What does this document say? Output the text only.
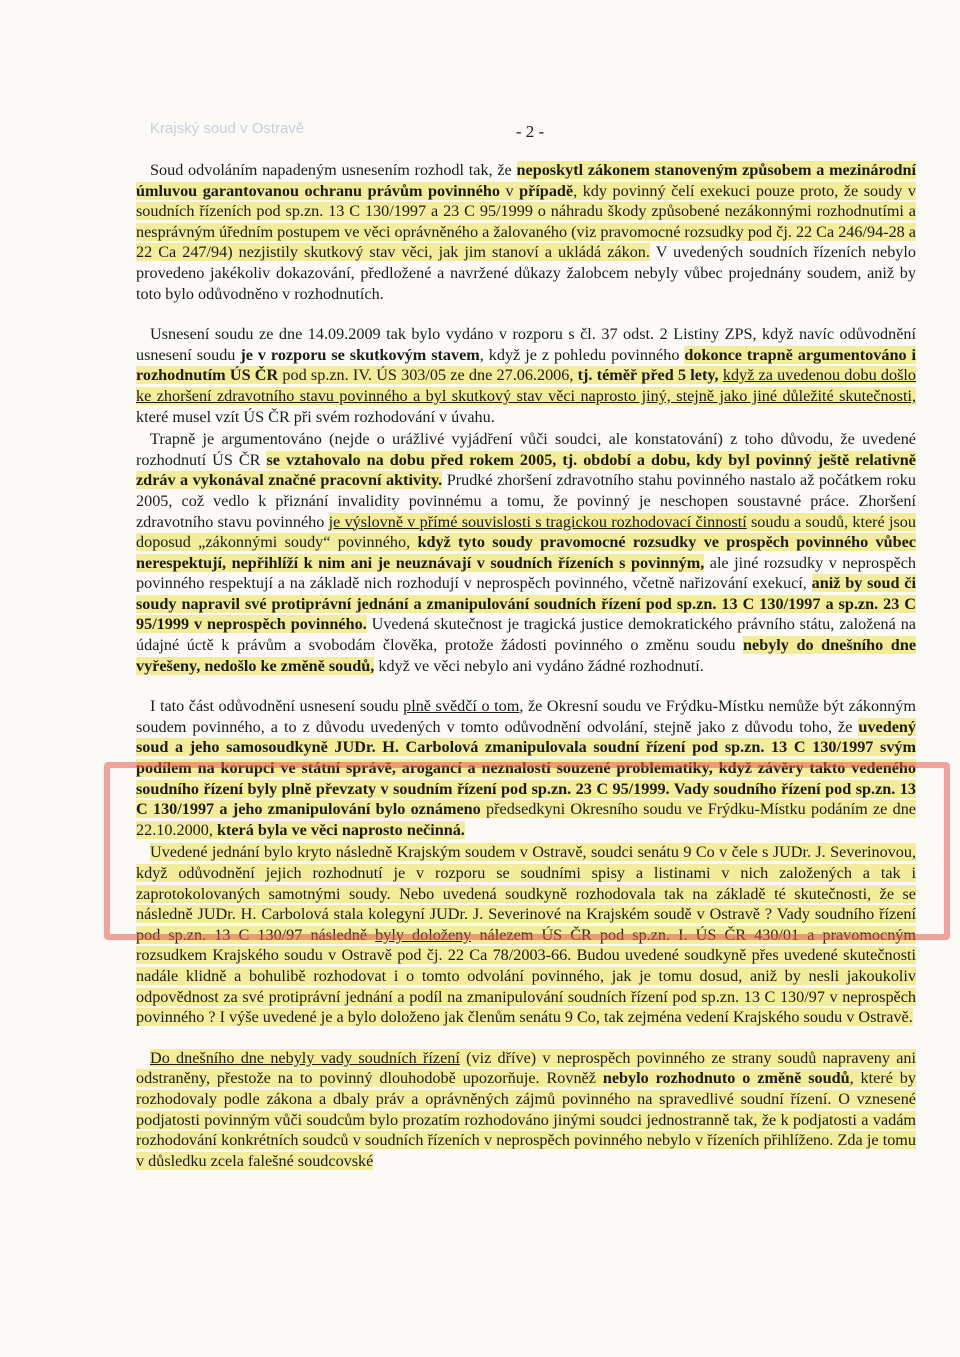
Krajský soud v Ostravě	- 2 -

Soud odvoláním napadeným usnesením rozhodl tak, že neposkytl zákonem stanoveným způsobem a mezinárodní úmluvou garantovanou ochranu právům povinného v případě, kdy povinný čelí exekuci pouze proto, že soudy v soudních řízeních pod sp.zn. 13 C 130/1997 a 23 C 95/1999 o náhradu škody způsobené nezákonnými rozhodnutími a nesprávným úředním postupem ve věci oprávněného a žalovaného (viz pravomocné rozsudky pod čj. 22 Ca 246/94-28 a 22 Ca 247/94) nezjistily skutkový stav věci, jak jim stanoví a ukládá zákon. V uvedených soudních řízeních nebylo provedeno jakékoliv dokazování, předložené a navržené důkazy žalobcem nebyly vůbec projednány soudem, aniž by toto bylo odůvodněno v rozhodnutích.

Usnesení soudu ze dne 14.09.2009 tak bylo vydáno v rozporu s čl. 37 odst. 2 Listiny ZPS, když navíc odůvodnění usnesení soudu je v rozporu se skutkovým stavem, když je z pohledu povinného dokonce trapně argumentováno i rozhodnutím ÚS ČR pod sp.zn. IV. ÚS 303/05 ze dne 27.06.2006, tj. téměř před 5 lety, když za uvedenou dobu došlo ke zhoršení zdravotního stavu povinného a byl skutkový stav věci naprosto jiný, stejně jako jiné důležité skutečnosti, které musel vzít ÚS ČR při svém rozhodování v úvahu.

Trapně je argumentováno (nejde o urážlivé vyjádření vůči soudci, ale konstatování) z toho důvodu, že uvedené rozhodnutí ÚS ČR se vztahovalo na dobu před rokem 2005, tj. období a dobu, kdy byl povinný ještě relativně zdráv a vykonával značné pracovní aktivity. Prudké zhoršení zdravotního stahu povinného nastalo až počátkem roku 2005, což vedlo k přiznání invalidity povinnému a tomu, že povinný je neschopen soustavné práce. Zhoršení zdravotního stavu povinného je výslovně v přímé souvislosti s tragickou rozhodovací činností soudu a soudů, které jsou doposud „zákonnými soudy“ povinného, když tyto soudy pravomocné rozsudky ve prospěch povinného vůbec nerespektují, nepřihlíží k nim ani je neuznávají v soudních řízeních s povinným, ale jiné rozsudky v neprospěch povinného respektují a na základě nich rozhodují v neprospěch povinného, včetně nařizování exekucí, aniž by soud či soudy napravil své protiprávní jednání a zmanipulování soudních řízení pod sp.zn. 13 C 130/1997 a sp.zn. 23 C 95/1999 v neprospěch povinného. Uvedená skutečnost je tragická justice demokratického právního státu, založená na údajné úctě k právům a svobodám člověka, protože žádosti povinného o změnu soudu nebyly do dnešního dne vyřešeny, nedošlo ke změně soudů, když ve věci nebylo ani vydáno žádné rozhodnutí.

I tato část odůvodnění usnesení soudu plně svědčí o tom, že Okresní soudu ve Frýdku-Místku nemůže být zákonným soudem povinného, a to z důvodu uvedených v tomto odůvodnění odvolání, stejně jako z důvodu toho, že uvedený soud a jeho samosoudkyně JUDr. H. Carbolová zmanipulovala soudní řízení pod sp.zn. 13 C 130/1997 svým podílem na korupci ve státní správě, arogancí a neznalostí souzené problematiky, když závěry takto vedeného soudního řízení byly plně převzaty v soudním řízení pod sp.zn. 23 C 95/1999. Vady soudního řízení pod sp.zn. 13 C 130/1997 a jeho zmanipulování bylo oznámeno předsedkyni Okresního soudu ve Frýdku-Místku podáním ze dne 22.10.2000, která byla ve věci naprosto nečinná.

Uvedené jednání bylo kryto následně Krajským soudem v Ostravě, soudci senátu 9 Co v čele s JUDr. J. Severinovou, když odůvodnění jejich rozhodnutí je v rozporu se soudními spisy a listinami v nich založených a tak i zaprotokolovaných samotnými soudy. Nebo uvedená soudkyně rozhodovala tak na základě té skutečnosti, že se následně JUDr. H. Carbolová stala kolegyní JUDr. J. Severinové na Krajském soudě v Ostravě ? Vady soudního řízení pod sp.zn. 13 C 130/97 následně byly doloženy nálezem ÚS ČR pod sp.zn. I. ÚS ČR 430/01 a pravomocným rozsudkem Krajského soudu v Ostravě pod čj. 22 Ca 78/2003-66. Budou uvedené soudkyně přes uvedené skutečnosti nadále klidně a bohulibě rozhodovat i o tomto odvolání povinného, jak je tomu dosud, aniž by nesli jakoukoliv odpovědnost za své protiprávní jednání a podíl na zmanipulování soudních řízení pod sp.zn. 13 C 130/97 v neprospěch povinného ? I výše uvedené je a bylo doloženo jak členům senátu 9 Co, tak zejména vedení Krajského soudu v Ostravě.

Do dnešního dne nebyly vady soudních řízení (viz dříve) v neprospěch povinného ze strany soudů napraveny ani odstraněny, přestože na to povinný dlouhodobě upozorňuje. Rovněž nebylo rozhodnuto o změně soudů, které by rozhodovaly podle zákona a dbaly práv a oprávněných zájmů povinného na spravedlivé soudní řízení. O vznesené podjatosti povinným vůči soudcům bylo prozatím rozhodováno jinými soudci jednostranně tak, že k podjatosti a vadám rozhodování konkrétních soudců v soudních řízeních v neprospěch povinného nebylo v řízeních přihlíženo. Zda je tomu v důsledku zcela falešné soudcovské
